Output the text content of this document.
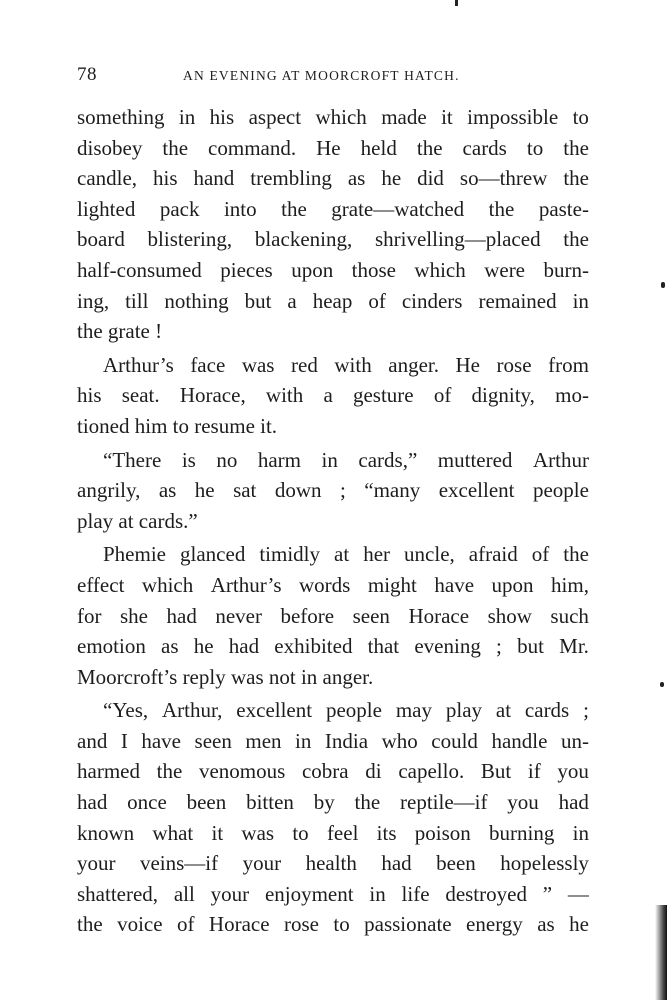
78	AN EVENING AT MOORCROFT HATCH.
something in his aspect which made it impossible to
disobey the command. He held the cards to the
candle, his hand trembling as he did so—threw the
lighted pack into the grate—watched the paste-
board blistering, blackening, shrivelling—placed the
half-consumed pieces upon those which were burn-
ing, till nothing but a heap of cinders remained in
the grate !
Arthur’s face was red with anger. He rose from
his seat. Horace, with a gesture of dignity, mo-
tioned him to resume it.
“There is no harm in cards,” muttered Arthur
angrily, as he sat down ; “many excellent people
play at cards.”
Phemie glanced timidly at her uncle, afraid of the
effect which Arthur’s words might have upon him,
for she had never before seen Horace show such
emotion as he had exhibited that evening ; but Mr.
Moorcroft’s reply was not in anger.
“Yes, Arthur, excellent people may play at cards ;
and I have seen men in India who could handle un-
harmed the venomous cobra di capello. But if you
had once been bitten by the reptile—if you had
known what it was to feel its poison burning in
your veins—if your health had been hopelessly
shattered, all your enjoyment in life destroyed ” —
the voice of Horace rose to passionate energy as he
